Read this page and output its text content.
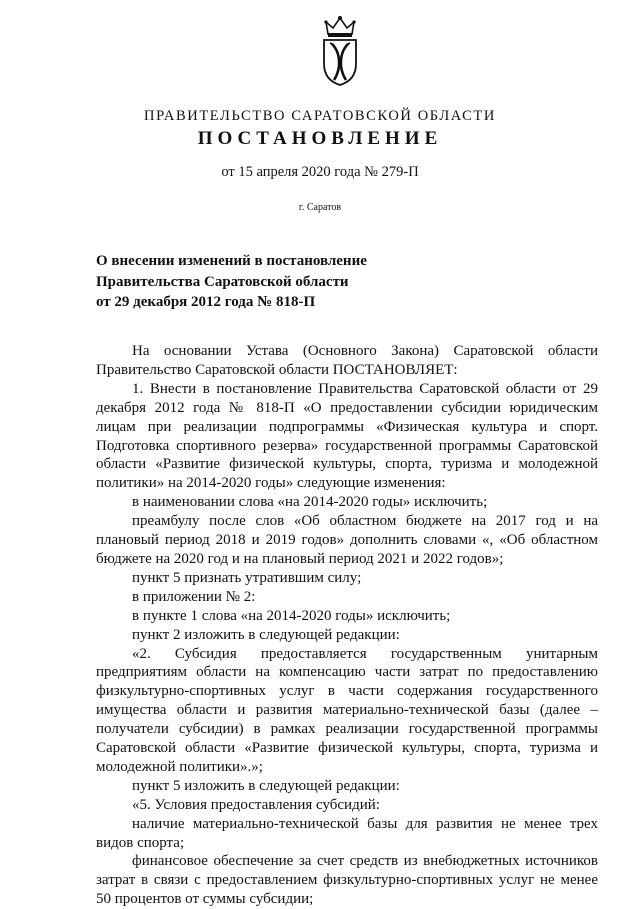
ПРАВИТЕЛЬСТВО САРАТОВСКОЙ ОБЛАСТИ
ПОСТАНОВЛЕНИЕ
от 15 апреля 2020 года № 279-П
г. Саратов
О внесении изменений в постановление
Правительства Саратовской области
от 29 декабря 2012 года № 818-П

На основании Устава (Основного Закона) Саратовской области Правительство Саратовской области ПОСТАНОВЛЯЕТ:

1. Внести в постановление Правительства Саратовской области от 29 декабря 2012 года № 818-П «О предоставлении субсидии юридическим лицам при реализации подпрограммы «Физическая культура и спорт. Подготовка спортивного резерва» государственной программы Саратовской области «Развитие физической культуры, спорта, туризма и молодежной политики» на 2014-2020 годы» следующие изменения:

в наименовании слова «на 2014-2020 годы» исключить;

преамбулу после слов «Об областном бюджете на 2017 год и на плановый период 2018 и 2019 годов» дополнить словами «, «Об областном бюджете на 2020 год и на плановый период 2021 и 2022 годов»;

пункт 5 признать утратившим силу;

в приложении № 2:

в пункте 1 слова «на 2014-2020 годы» исключить;

пункт 2 изложить в следующей редакции:

«2. Субсидия предоставляется государственным унитарным предприятиям области на компенсацию части затрат по предоставлению физкультурно-спортивных услуг в части содержания государственного имущества области и развития материально-технической базы (далее – получатели субсидии) в рамках реализации государственной программы Саратовской области «Развитие физической культуры, спорта, туризма и молодежной политики».»;

пункт 5 изложить в следующей редакции:

«5. Условия предоставления субсидий:

наличие материально-технической базы для развития не менее трех видов спорта;

финансовое обеспечение за счет средств из внебюджетных источников затрат в связи с предоставлением физкультурно-спортивных услуг не менее 50 процентов от суммы субсидии;
